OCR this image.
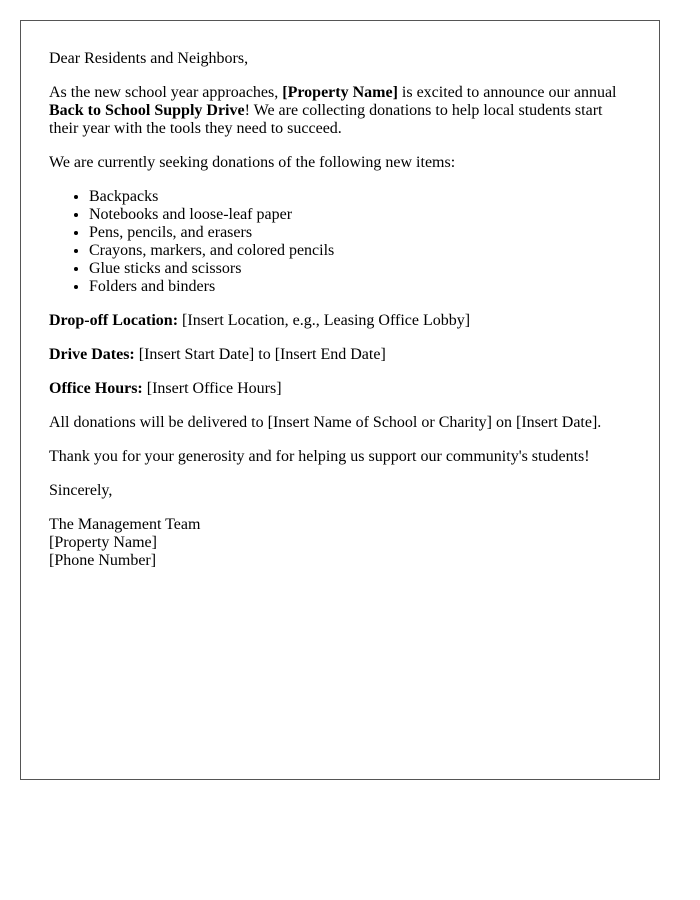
Dear Residents and Neighbors,

As the new school year approaches, [Property Name] is excited to announce our annual Back to School Supply Drive! We are collecting donations to help local students start their year with the tools they need to succeed.

We are currently seeking donations of the following new items:

• Backpacks
• Notebooks and loose-leaf paper
• Pens, pencils, and erasers
• Crayons, markers, and colored pencils
• Glue sticks and scissors
• Folders and binders

Drop-off Location: [Insert Location, e.g., Leasing Office Lobby]

Drive Dates: [Insert Start Date] to [Insert End Date]

Office Hours: [Insert Office Hours]

All donations will be delivered to [Insert Name of School or Charity] on [Insert Date].

Thank you for your generosity and for helping us support our community's students!

Sincerely,

The Management Team
[Property Name]
[Phone Number]
